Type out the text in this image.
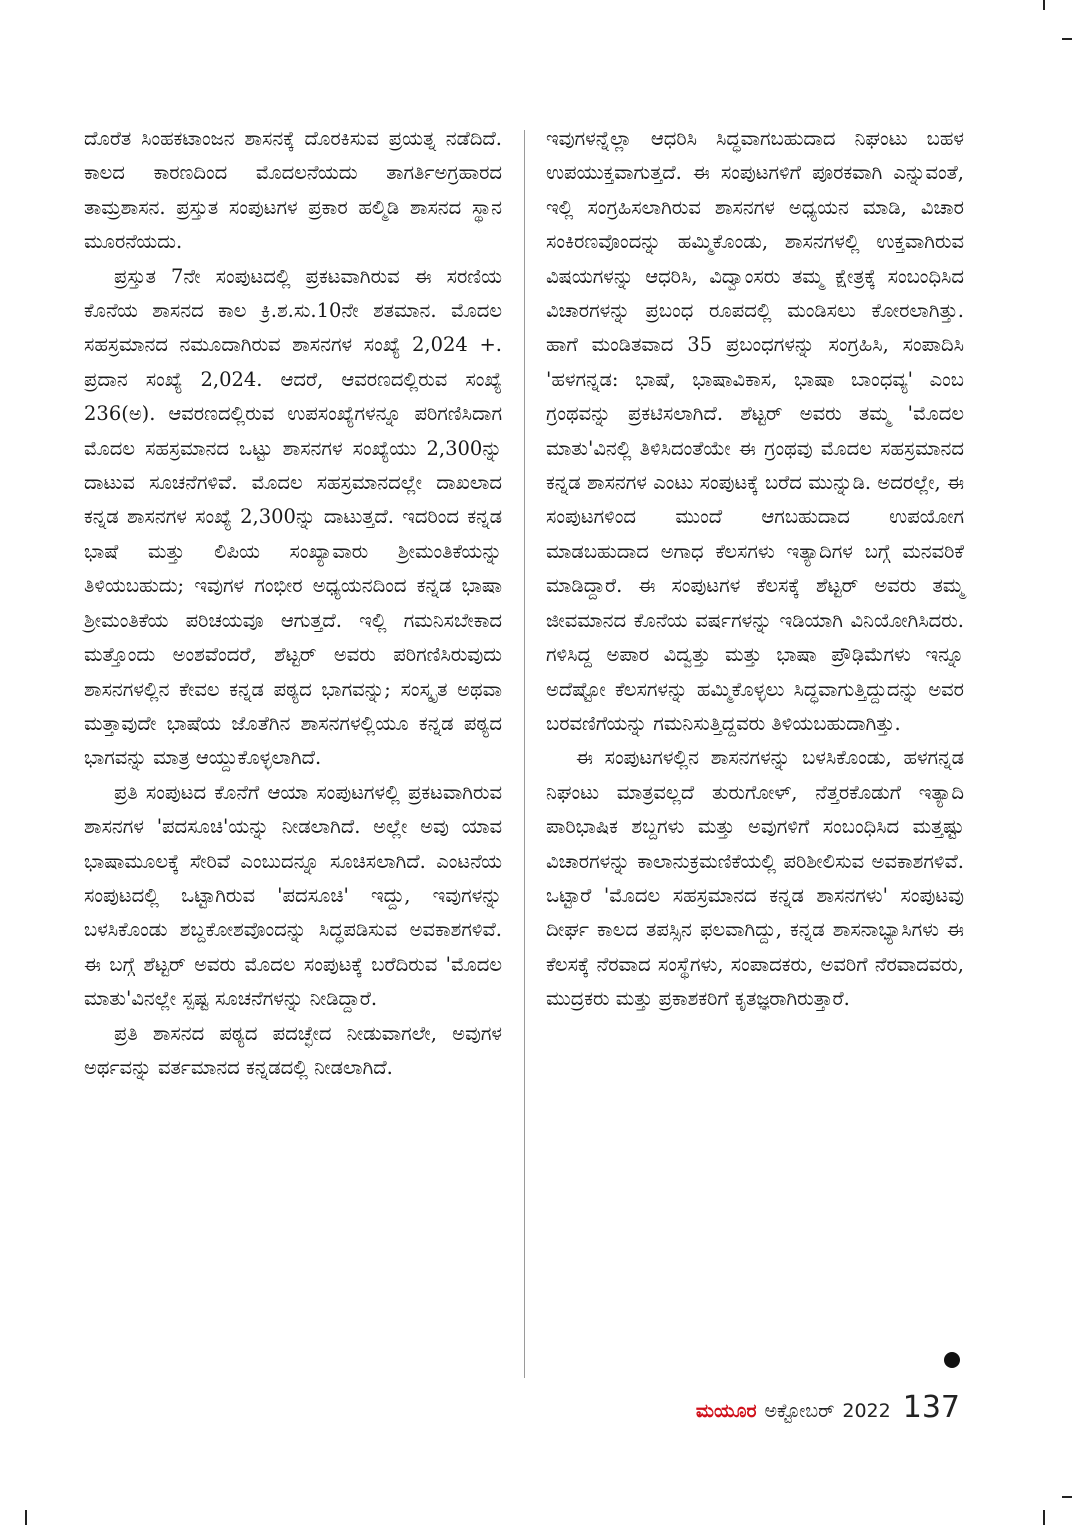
ದೊರೆತ ಸಿಂಹಕಟಾಂಜನ ಶಾಸನಕ್ಕೆ ದೊರಕಿಸುವ ಪ್ರಯತ್ನ ನಡೆದಿದೆ. ಕಾಲದ ಕಾರಣದಿಂದ ಮೊದಲನೆಯದು ತಾಗರ್ತಿಅಗ್ರಹಾರದ ತಾಮ್ರಶಾಸನ. ಪ್ರಸ್ತುತ ಸಂಪುಟಗಳ ಪ್ರಕಾರ ಹಲ್ಮಿಡಿ ಶಾಸನದ ಸ್ಥಾನ ಮೂರನೆಯದು.

ಪ್ರಸ್ತುತ 7ನೇ ಸಂಪುಟದಲ್ಲಿ ಪ್ರಕಟವಾಗಿರುವ ಈ ಸರಣಿಯ ಕೊನೆಯ ಶಾಸನದ ಕಾಲ ಕ್ರಿ.ಶ.ಸು.10ನೇ ಶತಮಾನ. ಮೊದಲ ಸಹಸ್ರಮಾನದ ನಮೂದಾಗಿರುವ ಶಾಸನಗಳ ಸಂಖ್ಯೆ 2,024 +. ಪ್ರದಾನ ಸಂಖ್ಯೆ 2,024. ಆದರೆ, ಆವರಣದಲ್ಲಿರುವ ಸಂಖ್ಯೆ 236(ಅ). ಆವರಣದಲ್ಲಿರುವ ಉಪಸಂಖ್ಯೆಗಳನ್ನೂ ಪರಿಗಣಿಸಿದಾಗ ಮೊದಲ ಸಹಸ್ರಮಾನದ ಒಟ್ಟು ಶಾಸನಗಳ ಸಂಖ್ಯೆಯು 2,300ನ್ನು ದಾಟುವ ಸೂಚನೆಗಳಿವೆ. ಮೊದಲ ಸಹಸ್ರಮಾನದಲ್ಲೇ ದಾಖಲಾದ ಕನ್ನಡ ಶಾಸನಗಳ ಸಂಖ್ಯೆ 2,300ನ್ನು ದಾಟುತ್ತದೆ. ಇದರಿಂದ ಕನ್ನಡ ಭಾಷೆ ಮತ್ತು ಲಿಪಿಯ ಸಂಖ್ಯಾವಾರು ಶ್ರೀಮಂತಿಕೆಯನ್ನು ತಿಳಿಯಬಹುದು; ಇವುಗಳ ಗಂಭೀರ ಅಧ್ಯಯನದಿಂದ ಕನ್ನಡ ಭಾಷಾ ಶ್ರೀಮಂತಿಕೆಯ ಪರಿಚಯವೂ ಆಗುತ್ತದೆ. ಇಲ್ಲಿ ಗಮನಿಸಬೇಕಾದ ಮತ್ತೊಂದು ಅಂಶವೆಂದರೆ, ಶೆಟ್ಟರ್ ಅವರು ಪರಿಗಣಿಸಿರುವುದು ಶಾಸನಗಳಲ್ಲಿನ ಕೇವಲ ಕನ್ನಡ ಪಠ್ಯದ ಭಾಗವನ್ನು; ಸಂಸ್ಕೃತ ಅಥವಾ ಮತ್ತಾವುದೇ ಭಾಷೆಯ ಜೊತೆಗಿನ ಶಾಸನಗಳಲ್ಲಿಯೂ ಕನ್ನಡ ಪಠ್ಯದ ಭಾಗವನ್ನು ಮಾತ್ರ ಆಯ್ದುಕೊಳ್ಳಲಾಗಿದೆ.

ಪ್ರತಿ ಸಂಪುಟದ ಕೊನೆಗೆ ಆಯಾ ಸಂಪುಟಗಳಲ್ಲಿ ಪ್ರಕಟವಾಗಿರುವ ಶಾಸನಗಳ 'ಪದಸೂಚಿ'ಯನ್ನು ನೀಡಲಾಗಿದೆ. ಅಲ್ಲೇ ಅವು ಯಾವ ಭಾಷಾಮೂಲಕ್ಕೆ ಸೇರಿವೆ ಎಂಬುದನ್ನೂ ಸೂಚಿಸಲಾಗಿದೆ. ಎಂಟನೆಯ ಸಂಪುಟದಲ್ಲಿ ಒಟ್ಟಾಗಿರುವ 'ಪದಸೂಚಿ' ಇದ್ದು, ಇವುಗಳನ್ನು ಬಳಸಿಕೊಂಡು ಶಬ್ದಕೋಶವೊಂದನ್ನು ಸಿದ್ಧಪಡಿಸುವ ಅವಕಾಶಗಳಿವೆ. ಈ ಬಗ್ಗೆ ಶೆಟ್ಟರ್ ಅವರು ಮೊದಲ ಸಂಪುಟಕ್ಕೆ ಬರೆದಿರುವ 'ಮೊದಲ ಮಾತು'ವಿನಲ್ಲೇ ಸ್ಪಷ್ಟ ಸೂಚನೆಗಳನ್ನು ನೀಡಿದ್ದಾರೆ.

ಪ್ರತಿ ಶಾಸನದ ಪಠ್ಯದ ಪದಚ್ಛೇದ ನೀಡುವಾಗಲೇ, ಅವುಗಳ ಅರ್ಥವನ್ನು ವರ್ತಮಾನದ ಕನ್ನಡದಲ್ಲಿ ನೀಡಲಾಗಿದೆ.

ಇವುಗಳನ್ನೆಲ್ಲಾ ಆಧರಿಸಿ ಸಿದ್ಧವಾಗಬಹುದಾದ ನಿಘಂಟು ಬಹಳ ಉಪಯುಕ್ತವಾಗುತ್ತದೆ. ಈ ಸಂಪುಟಗಳಿಗೆ ಪೂರಕವಾಗಿ ಎನ್ನುವಂತೆ, ಇಲ್ಲಿ ಸಂಗ್ರಹಿಸಲಾಗಿರುವ ಶಾಸನಗಳ ಅಧ್ಯಯನ ಮಾಡಿ, ವಿಚಾರ ಸಂಕಿರಣವೊಂದನ್ನು ಹಮ್ಮಿಕೊಂಡು, ಶಾಸನಗಳಲ್ಲಿ ಉಕ್ತವಾಗಿರುವ ವಿಷಯಗಳನ್ನು ಆಧರಿಸಿ, ವಿದ್ವಾಂಸರು ತಮ್ಮ ಕ್ಷೇತ್ರಕ್ಕೆ ಸಂಬಂಧಿಸಿದ ವಿಚಾರಗಳನ್ನು ಪ್ರಬಂಧ ರೂಪದಲ್ಲಿ ಮಂಡಿಸಲು ಕೋರಲಾಗಿತ್ತು. ಹಾಗೆ ಮಂಡಿತವಾದ 35 ಪ್ರಬಂಧಗಳನ್ನು ಸಂಗ್ರಹಿಸಿ, ಸಂಪಾದಿಸಿ 'ಹಳಗನ್ನಡ: ಭಾಷೆ, ಭಾಷಾವಿಕಾಸ, ಭಾಷಾ ಬಾಂಧವ್ಯ' ಎಂಬ ಗ್ರಂಥವನ್ನು ಪ್ರಕಟಿಸಲಾಗಿದೆ. ಶೆಟ್ಟರ್ ಅವರು ತಮ್ಮ 'ಮೊದಲ ಮಾತು'ವಿನಲ್ಲಿ ತಿಳಿಸಿದಂತೆಯೇ ಈ ಗ್ರಂಥವು ಮೊದಲ ಸಹಸ್ರಮಾನದ ಕನ್ನಡ ಶಾಸನಗಳ ಎಂಟು ಸಂಪುಟಕ್ಕೆ ಬರೆದ ಮುನ್ನುಡಿ. ಅದರಲ್ಲೇ, ಈ ಸಂಪುಟಗಳಿಂದ ಮುಂದೆ ಆಗಬಹುದಾದ ಉಪಯೋಗ ಮಾಡಬಹುದಾದ ಅಗಾಧ ಕೆಲಸಗಳು ಇತ್ಯಾದಿಗಳ ಬಗ್ಗೆ ಮನವರಿಕೆ ಮಾಡಿದ್ದಾರೆ. ಈ ಸಂಪುಟಗಳ ಕೆಲಸಕ್ಕೆ ಶೆಟ್ಟರ್ ಅವರು ತಮ್ಮ ಜೀವಮಾನದ ಕೊನೆಯ ವರ್ಷಗಳನ್ನು ಇಡಿಯಾಗಿ ವಿನಿಯೋಗಿಸಿದರು. ಗಳಿಸಿದ್ದ ಅಪಾರ ವಿದ್ವತ್ತು ಮತ್ತು ಭಾಷಾ ಪ್ರೌಢಿಮೆಗಳು ಇನ್ನೂ ಅದೆಷ್ಟೋ ಕೆಲಸಗಳನ್ನು ಹಮ್ಮಿಕೊಳ್ಳಲು ಸಿದ್ಧವಾಗುತ್ತಿದ್ದುದನ್ನು ಅವರ ಬರವಣಿಗೆಯನ್ನು ಗಮನಿಸುತ್ತಿದ್ದವರು ತಿಳಿಯಬಹುದಾಗಿತ್ತು.

ಈ ಸಂಪುಟಗಳಲ್ಲಿನ ಶಾಸನಗಳನ್ನು ಬಳಸಿಕೊಂಡು, ಹಳಗನ್ನಡ ನಿಘಂಟು ಮಾತ್ರವಲ್ಲದೆ ತುರುಗೋಳ್, ನೆತ್ತರಕೊಡುಗೆ ಇತ್ಯಾದಿ ಪಾರಿಭಾಷಿಕ ಶಬ್ದಗಳು ಮತ್ತು ಅವುಗಳಿಗೆ ಸಂಬಂಧಿಸಿದ ಮತ್ತಷ್ಟು ವಿಚಾರಗಳನ್ನು ಕಾಲಾನುಕ್ರಮಣಿಕೆಯಲ್ಲಿ ಪರಿಶೀಲಿಸುವ ಅವಕಾಶಗಳಿವೆ. ಒಟ್ಟಾರೆ 'ಮೊದಲ ಸಹಸ್ರಮಾನದ ಕನ್ನಡ ಶಾಸನಗಳು' ಸಂಪುಟವು ದೀರ್ಘ ಕಾಲದ ತಪಸ್ಸಿನ ಫಲವಾಗಿದ್ದು, ಕನ್ನಡ ಶಾಸನಾಭ್ಯಾಸಿಗಳು ಈ ಕೆಲಸಕ್ಕೆ ನೆರವಾದ ಸಂಸ್ಥೆಗಳು, ಸಂಪಾದಕರು, ಅವರಿಗೆ ನೆರವಾದವರು, ಮುದ್ರಕರು ಮತ್ತು ಪ್ರಕಾಶಕರಿಗೆ ಕೃತಜ್ಞರಾಗಿರುತ್ತಾರೆ.

ಮಯೂರ ಅಕ್ಟೋಬರ್ 2022 137
